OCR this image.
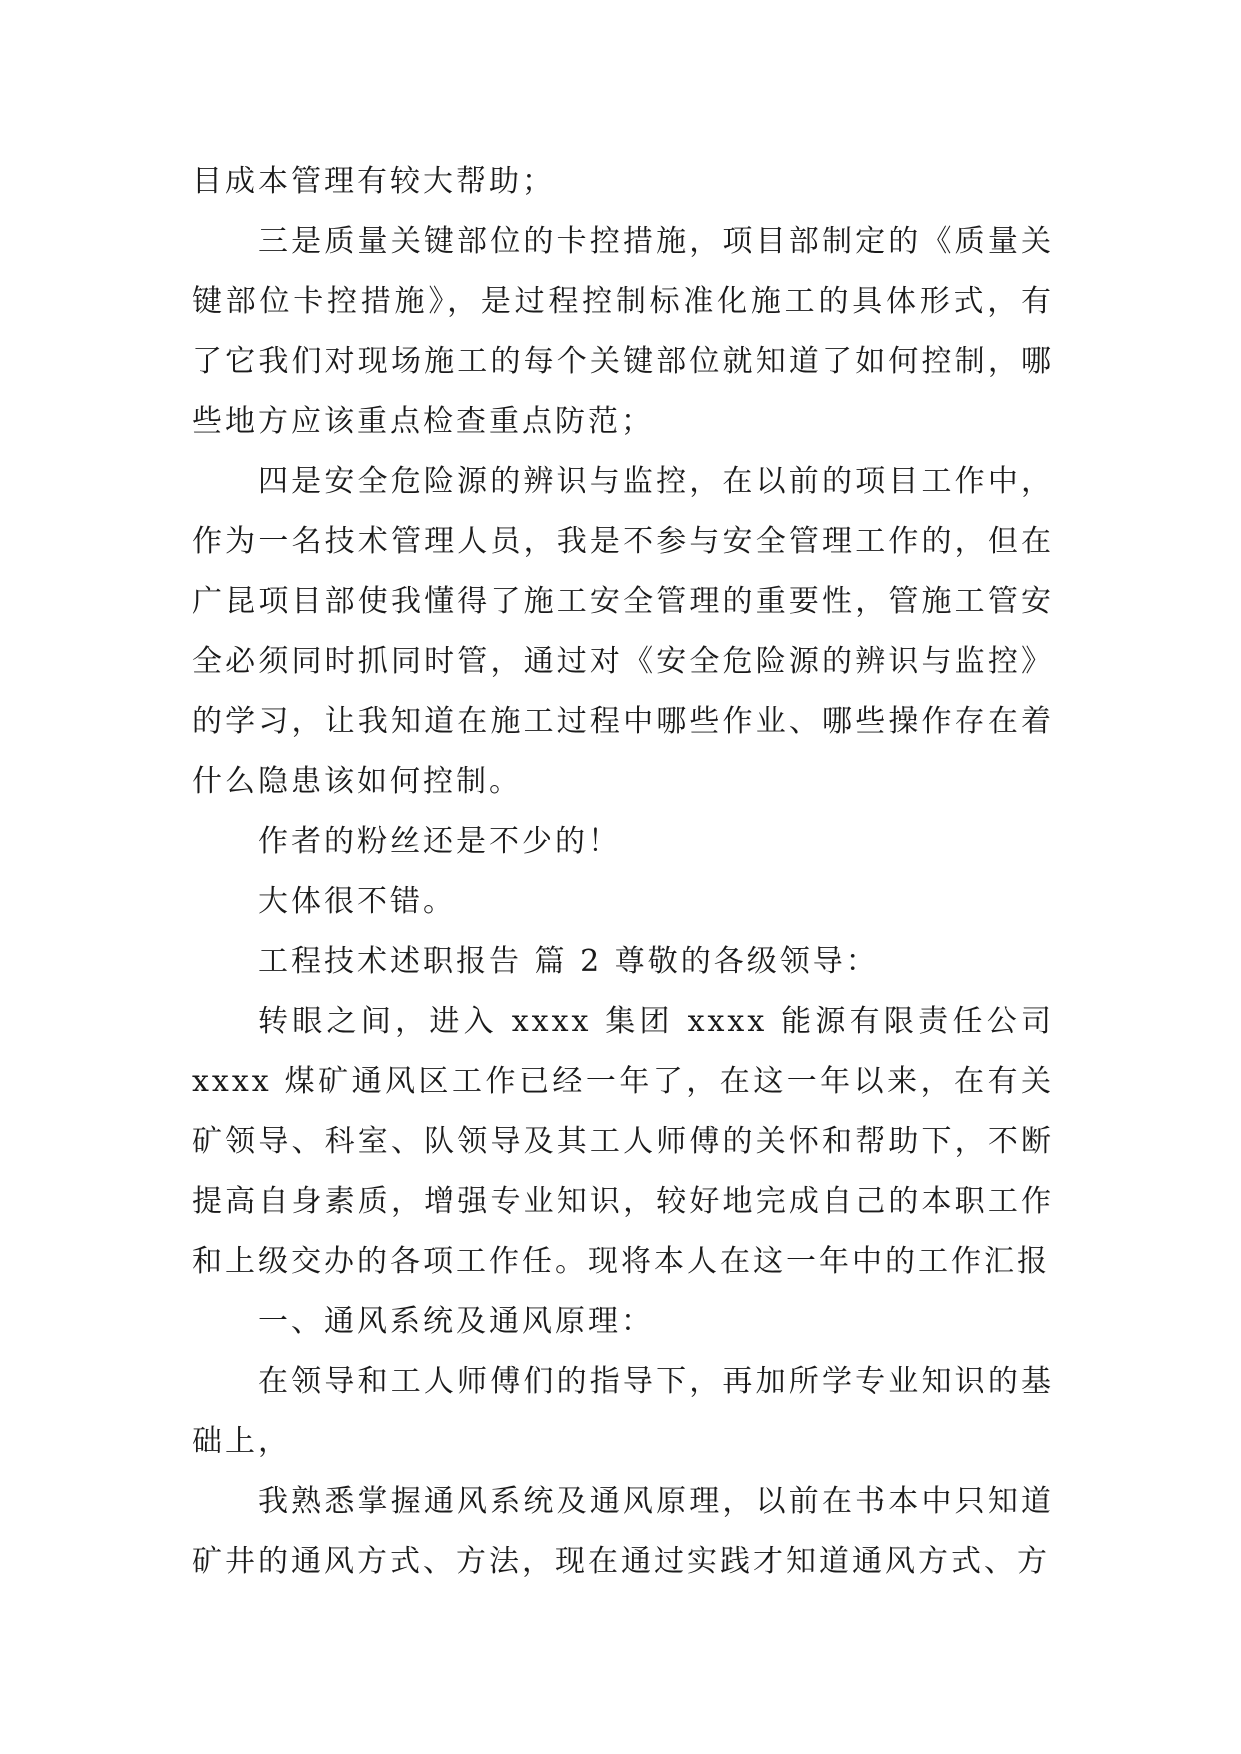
目成本管理有较大帮助；

三是质量关键部位的卡控措施，项目部制定的《质量关键部位卡控措施》，是过程控制标准化施工的具体形式，有了它我们对现场施工的每个关键部位就知道了如何控制，哪些地方应该重点检查重点防范；

四是安全危险源的辨识与监控，在以前的项目工作中，作为一名技术管理人员，我是不参与安全管理工作的，但在广昆项目部使我懂得了施工安全管理的重要性，管施工管安全必须同时抓同时管，通过对《安全危险源的辨识与监控》的学习，让我知道在施工过程中哪些作业、哪些操作存在着什么隐患该如何控制。

作者的粉丝还是不少的！

大体很不错。

工程技术述职报告 篇 2 尊敬的各级领导：

转眼之间，进入 xxxx 集团 xxxx 能源有限责任公司 xxxx 煤矿通风区工作已经一年了，在这一年以来，在有关矿领导、科室、队领导及其工人师傅的关怀和帮助下，不断提高自身素质，增强专业知识，较好地完成自己的本职工作和上级交办的各项工作任。现将本人在这一年中的工作汇报

一、通风系统及通风原理：

在领导和工人师傅们的指导下，再加所学专业知识的基础上，

我熟悉掌握通风系统及通风原理，以前在书本中只知道矿井的通风方式、方法，现在通过实践才知道通风方式、方
